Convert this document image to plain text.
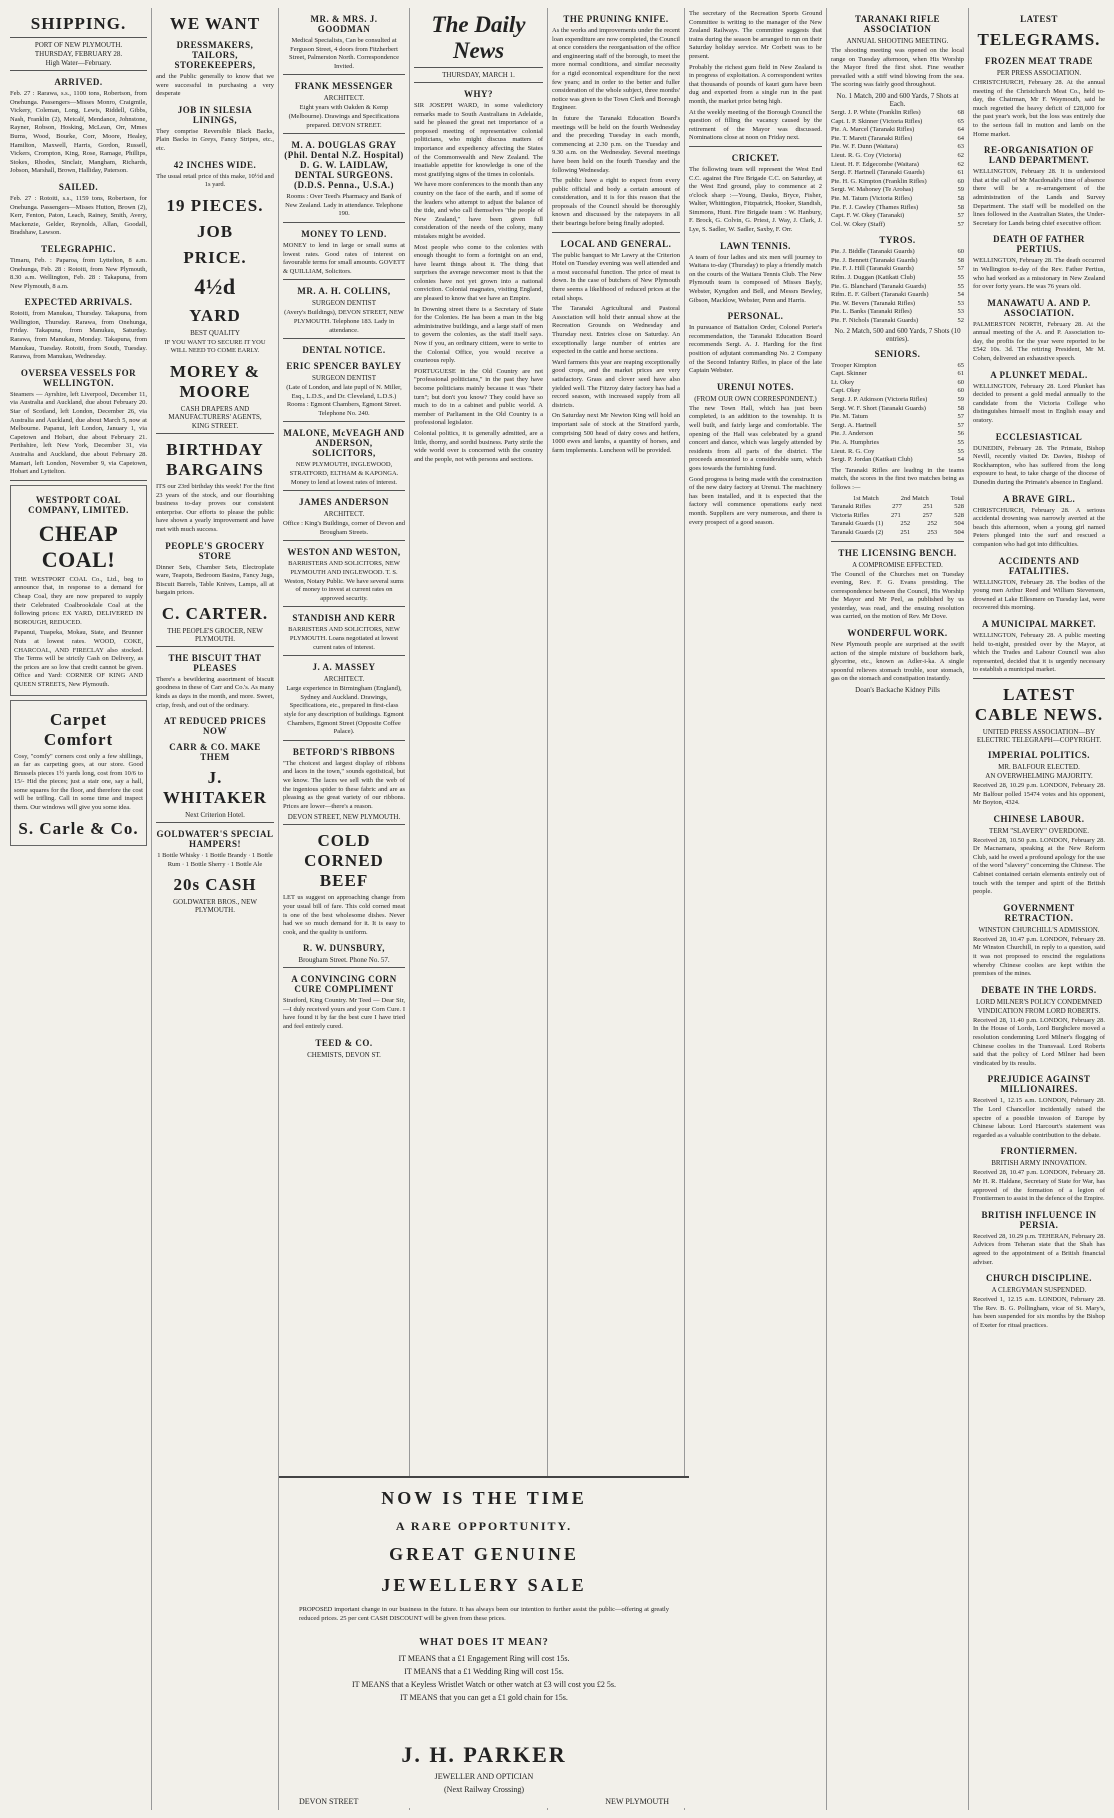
SHIPPING.
PORT OF NEW PLYMOUTH.
THURSDAY, FEBRUARY 28.
High Water—February.
ARRIVED.
Feb. 27 : Rarawa, s.s., 1100 tons, Robertson, from Onehunga. Passengers—Misses Monro, Craigmile, Vickery, Coleman, Long, Lewis, Riddell, Gibbs, Nash, Franklin (2), Metcalf, Mendance, Johnstone, Rayner, Robson, Hosking, McLean, Orr, Mmes Burns, Wood, Bourke, Corr, Moore, Healey, Hamilton, Maxwell, Harris, Gordon, Russell, Vickers, Crompton, King, Rose, Ramage, Phillips, Stokes, Rhodes, Sinclair, Mangham, Richards, Jobson, Marshall, Brown, Halliday, Paterson.
SAILED.
Feb. 27 : Rotoiti, s.s., 1159 tons, Robertson, for Onehunga. Passengers—Misses Hutton, Brown (2), Kerr, Fenton, Paton, Leach, Rainey, Smith, Avery, Mackenzie, Gelder, Reynolds, Allan, Goodall, Bradshaw, Lawson.
TELEGRAPHIC.
Timaru, Feb. : Paparoa, from Lyttelton, 8 a.m. Onehunga, Feb. 28 : Rotoiti, from New Plymouth, 8.30 a.m. Wellington, Feb. 28 : Takapuna, from New Plymouth, 8 a.m.
EXPECTED ARRIVALS.
Rotoiti, from Manukau, Thursday. Takapuna, from Wellington, Thursday. Rarawa, from Onehunga, Friday. Takapuna, from Manukau, Saturday. Rarawa, from Manukau, Monday. Takapuna, from Manukau, Tuesday. Rotoiti, from South, Tuesday. Rarawa, from Manukau, Wednesday.
OVERSEA VESSELS FOR WELLINGTON.
Steamers — Ayrshire, left Liverpool, December 11, via Australia and Auckland, due about February 20. Star of Scotland, left London, December 26, via Australia and Auckland, due about March 5, now at Melbourne. Papanui, left London, January 1, via Capetown and Hobart, due about February 21. Perthshire, left New York, December 31, via Australia and Auckland, due about February 28. Mamari, left London, November 9, via Capetown, Hobart and Lyttelton.
WESTPORT COAL COMPANY, LIMITED.
CHEAP COAL!
THE WESTPORT COAL Co., Ltd., beg to announce that, in response to a demand for Cheap Coal, they are now prepared to supply their Celebrated Coalbrookdale Coal at the following prices: EX YARD, DELIVERED IN BOROUGH, REDUCED.
Papanui, Tuapeka, Mokau, State, and Brunner Nuts at lowest rates. WOOD, COKE, CHARCOAL, AND FIRECLAY also stocked. The Terms will be strictly Cash on Delivery, as the prices are so low that credit cannot be given. Office and Yard: CORNER OF KING AND QUEEN STREETS, New Plymouth.
Carpet Comfort
Cosy, "comfy" corners cost only a few shillings, as far as carpeting goes, at our store. Good Brussels pieces 1½ yards long, cost from 10/6 to 15/- Hid the pieces; just a stair one, say a hall, some squares for the floor, and therefore the cost will be trifling. Call in some time and inspect them. Our windows will give you some idea.
S. Carle & Co.
WE WANT
DRESSMAKERS, TAILORS, STOREKEEPERS,
and the Public generally to know that we were successful in purchasing a very desperate
JOB IN SILESIA LININGS,
They comprise Reversible Black Backs, Plain Backs in Greys, Fancy Stripes, etc., etc.
42 INCHES WIDE.
The usual retail price of this make, 10½d and 1s yard.
19 PIECES.
JOB
PRICE.
4½d
YARD
BEST QUALITY
IF YOU WANT TO SECURE IT YOU WILL NEED TO COME EARLY.
MOREY & MOORE
CASH DRAPERS AND MANUFACTURERS' AGENTS,
KING STREET.
BIRTHDAY BARGAINS
ITS our 23rd birthday this week! For the first 23 years of the stock, and our flourishing business to-day proves our consistent enterprise. Our efforts to please the public have shown a yearly improvement and have met with much success.
PEOPLE'S GROCERY STORE
Dinner Sets, Chamber Sets, Electroplate ware, Teapots, Bedroom Basins, Fancy Jugs, Biscuit Barrels, Table Knives, Lamps, all at bargain prices.
C. CARTER.
THE PEOPLE'S GROCER, NEW PLYMOUTH.
THE BISCUIT THAT PLEASES
There's a bewildering assortment of biscuit goodness in these of Carr and Co.'s. As many kinds as days in the month, and more. Sweet, crisp, fresh, and out of the ordinary.
AT REDUCED PRICES NOW
CARR & CO. MAKE THEM
J. WHITAKER
Next Criterion Hotel.
GOLDWATER'S SPECIAL HAMPERS!
1 Bottle Whisky · 1 Bottle Brandy · 1 Bottle Rum · 1 Bottle Sherry · 1 Bottle Ale
20s CASH
GOLDWATER BROS., NEW PLYMOUTH.
MR. & MRS. J. GOODMAN
Medical Specialists, Can be consulted at Ferguson Street, 4 doors from Fitzherbert Street, Palmerston North. Correspondence Invited.
FRANK MESSENGER
ARCHITECT.
Eight years with Oakden & Kemp (Melbourne). Drawings and Specifications prepared. DEVON STREET.
M. A. DOUGLAS GRAY (Phil. Dental N.Z. Hospital) D. G. W. LAIDLAW, DENTAL SURGEONS. (D.D.S. Penna., U.S.A.)
Rooms : Over Teed's Pharmacy and Bank of New Zealand. Lady in attendance. Telephone 190.
MONEY TO LEND.
MONEY to lend in large or small sums at lowest rates. Good rates of interest on favourable terms for small amounts. GOVETT & QUILLIAM, Solicitors.
MR. A. H. COLLINS,
SURGEON DENTIST
(Avery's Buildings), DEVON STREET, NEW PLYMOUTH. Telephone 183. Lady in attendance.
DENTAL NOTICE.
ERIC SPENCER BAYLEY
SURGEON DENTIST
(Late of London, and late pupil of N. Miller, Esq., L.D.S., and Dr. Cleveland, L.D.S.) Rooms : Egmont Chambers, Egmont Street. Telephone No. 240.
MALONE, McVEAGH AND ANDERSON, SOLICITORS,
NEW PLYMOUTH, INGLEWOOD, STRATFORD, ELTHAM & KAPONGA. Money to lend at lowest rates of interest.
JAMES ANDERSON
ARCHITECT.
Office : King's Buildings, corner of Devon and Brougham Streets.
WESTON AND WESTON,
BARRISTERS AND SOLICITORS, NEW PLYMOUTH AND INGLEWOOD. T. S. Weston, Notary Public. We have several sums of money to invest at current rates on approved security.
STANDISH AND KERR
BARRISTERS AND SOLICITORS, NEW PLYMOUTH. Loans negotiated at lowest current rates of interest.
J. A. MASSEY
ARCHITECT.
Large experience in Birmingham (England), Sydney and Auckland. Drawings, Specifications, etc., prepared in first-class style for any description of buildings. Egmont Chambers, Egmont Street (Opposite Coffee Palace).
BETFORD'S RIBBONS
"The choicest and largest display of ribbons and laces in the town," sounds egotistical, but we know. The laces we sell with the web of the ingenious spider to these fabric and are as pleasing as the great variety of our ribbons. Prices are lower—there's a reason.
DEVON STREET, NEW PLYMOUTH.
COLD CORNED BEEF
LET us suggest on approaching change from your usual bill of fare. This cold corned meat is one of the best wholesome dishes. Never had we so much demand for it. It is easy to cook, and the quality is uniform.
R. W. DUNSBURY,
Brougham Street. Phone No. 57.
A CONVINCING CORN CURE COMPLIMENT
Stratford, King Country. Mr Teed — Dear Sir,—I duly received yours and your Corn Cure. I have found it by far the best cure I have tried and feel entirely cured.
TEED & CO.
CHEMISTS, DEVON ST.
The Daily News
THURSDAY, MARCH 1.
WHY?
SIR JOSEPH WARD, in some valedictory remarks made to South Australians in Adelaide, said he pleased the great net importance of a proposed meeting of representative colonial politicians, who might discuss matters of importance and expediency affecting the States of the Commonwealth and New Zealand. The insatiable appetite for knowledge is one of the most gratifying signs of the times in colonials.
We have more conferences to the month than any country on the face of the earth, and if some of the leaders who attempt to adjust the balance of the tide, and who call themselves "the people of New Zealand," have been given full consideration of the needs of the colony, many mistakes might be avoided.
Most people who come to the colonies with enough thought to form a fortnight on an end, have learnt things about it. The thing that surprises the average newcomer most is that the colonies have not yet grown into a national conviction. Colonial magnates, visiting England, are pleased to know that we have an Empire.
In Downing street there is a Secretary of State for the Colonies. He has been a man in the big administrative buildings, and a large staff of men to govern the colonies, as the staff itself says. Now if you, an ordinary citizen, were to write to the Colonial Office, you would receive a courteous reply.
PORTUGUESE in the Old Country are not "professional politicians," in the past they have become politicians mainly because it was "their turn"; but don't you know? They could have so much to do in a cabinet and public world. A member of Parliament in the Old Country is a professional legislator.
Colonial politics, it is generally admitted, are a little, thorny, and sordid business. Party strife the wide world over is concerned with the country and the people, not with persons and sections.
THE PRUNING KNIFE.
As the works and improvements under the recent loan expenditure are now completed, the Council at once considers the reorganisation of the office and engineering staff of the borough, to meet the more normal conditions, and similar necessity for a rigid economical expenditure for the next few years; and in order to the better and fuller consideration of the whole subject, three months' notice was given to the Town Clerk and Borough Engineer.
In future the Taranaki Education Board's meetings will be held on the fourth Wednesday and the preceding Tuesday in each month, commencing at 2.30 p.m. on the Tuesday and 9.30 a.m. on the Wednesday. Several meetings have been held on the fourth Tuesday and the following Wednesday.
The public have a right to expect from every public official and body a certain amount of consideration, and it is for this reason that the proposals of the Council should be thoroughly known and discussed by the ratepayers in all their bearings before being finally adopted.
LOCAL AND GENERAL.
The public banquet to Mr Lawry at the Criterion Hotel on Tuesday evening was well attended and a most successful function. The price of meat is down. In the case of butchers of New Plymouth there seems a likelihood of reduced prices at the retail shops.
The Taranaki Agricultural and Pastoral Association will hold their annual show at the Recreation Grounds on Wednesday and Thursday next. Entries close on Saturday. An exceptionally large number of entries are expected in the cattle and horse sections.
Ward farmers this year are reaping exceptionally good crops, and the market prices are very satisfactory. Grass and clover seed have also yielded well. The Fitzroy dairy factory has had a record season, with increased supply from all districts.
On Saturday next Mr Newton King will hold an important sale of stock at the Stratford yards, comprising 500 head of dairy cows and heifers, 1000 ewes and lambs, a quantity of horses, and farm implements. Luncheon will be provided.
The secretary of the Recreation Sports Ground Committee is writing to the manager of the New Zealand Railways. The committee suggests that trains during the season be arranged to run on their Saturday holiday service. Mr Corbett was to be present.
Probably the richest gum field in New Zealand is in progress of exploitation. A correspondent writes that thousands of pounds of kauri gum have been dug and exported from a single run in the past month, the market price being high.
At the weekly meeting of the Borough Council the question of filling the vacancy caused by the retirement of the Mayor was discussed. Nominations close at noon on Friday next.
CRICKET.
The following team will represent the West End C.C. against the Fire Brigade C.C. on Saturday, at the West End ground, play to commence at 2 o'clock sharp :—Young, Dauks, Bryce, Fisher, Walter, Whittington, Fitzpatrick, Hooker, Standish, Simmons, Hunt. Fire Brigade team : W. Hanbury, F. Brock, G. Colvin, G. Priest, J. Way, J. Clark, J. Lye, S. Sadler, W. Sadler, Saxby, F. Orr.
LAWN TENNIS.
A team of four ladies and six men will journey to Waitara to-day (Thursday) to play a friendly match on the courts of the Waitara Tennis Club. The New Plymouth team is composed of Misses Bayly, Webster, Kyngdon and Bell, and Messrs Bewley, Gibson, Macklow, Webster, Penn and Harris.
PERSONAL.
In pursuance of Battalion Order, Colonel Porter's recommendation, the Taranaki Education Board recommends Sergt. A. J. Harding for the first position of adjutant commanding No. 2 Company of the Second Infantry Rifles, in place of the late Captain Webster.
URENUI NOTES.
(FROM OUR OWN CORRESPONDENT.)
The new Town Hall, which has just been completed, is an addition to the township. It is well built, and fairly large and comfortable. The opening of the Hall was celebrated by a grand concert and dance, which was largely attended by residents from all parts of the district. The proceeds amounted to a considerable sum, which goes towards the furnishing fund.
Good progress is being made with the construction of the new dairy factory at Urenui. The machinery has been installed, and it is expected that the factory will commence operations early next month. Suppliers are very numerous, and there is every prospect of a good season.
TARANAKI RIFLE ASSOCIATION
ANNUAL SHOOTING MEETING.
The shooting meeting was opened on the local range on Tuesday afternoon, when His Worship the Mayor fired the first shot. Fine weather prevailed with a stiff wind blowing from the sea. The scoring was fairly good throughout.
No. 1 Match, 200 and 600 Yards, 7 Shots at Each.
Sergt. J. P. White (Franklin Rifles)	68
Capt. I. P. Skinner (Victoria Rifles)	65
Pte. A. Marcel (Taranaki Rifles)	64
Pte. T. Marett (Taranaki Rifles)	64
Pte. W. F. Dunn (Waitara)	63
Lieut. R. G. Coy (Victoria)	62
Lieut. H. F. Edgecombe (Waitara)	62
Sergt. F. Hartnell (Taranaki Guards)	61
Pte. H. G. Kimpton (Franklin Rifles)	60
Sergt. W. Mahoney (Te Arohas)	59
Pte. M. Tatum (Victoria Rifles)	58
Pte. F. J. Cawley (Thames Rifles)	58
Capt. F. W. Okey (Taranaki)	57
Col. W. Okey (Staff)	57
TYROS.
Pte. J. Biddle (Taranaki Guards)	60
Pte. J. Bennett (Taranaki Guards)	58
Pte. F. J. Hill (Taranaki Guards)	57
Rifm. J. Duggan (Katikati Club)	55
Pte. G. Blanchard (Taranaki Guards)	55
Rifm. E. F. Gilbert (Taranaki Guards)	54
Pte. W. Bevers (Taranaki Rifles)	53
Pte. L. Banks (Taranaki Rifles)	53
Pte. F. Nichols (Taranaki Guards)	52
No. 2 Match, 500 and 600 Yards, 7 Shots (10 entries).
SENIORS.
Trooper Kimpton	65
Capt. Skinner	61
Lt. Okey	60
Capt. Okey	60
Sergt. J. P. Atkinson (Victoria Rifles)	59
Sergt. W. F. Short (Taranaki Guards)	58
Pte. M. Tatum	57
Sergt. A. Hartnell	57
Pte. J. Anderson	56
Pte. A. Humphries	55
Lieut. R. G. Coy	55
Sergt. P. Jordan (Katikati Club)	54
The Taranaki Rifles are leading in the teams match, the scores in the first two matches being as follows :—
1st Match	2nd Match	Total
Taranaki Rifles	277	251	528
Victoria Rifles	271	257	528
Taranaki Guards (1)	252	252	504
Taranaki Guards (2)	251	253	504
THE LICENSING BENCH.
A COMPROMISE EFFECTED.
The Council of the Churches met on Tuesday evening, Rev. F. G. Evans presiding. The correspondence between the Council, His Worship the Mayor and Mr Peel, as published by us yesterday, was read, and the ensuing resolution was carried, on the motion of Rev. Mr Dove.
WONDERFUL WORK.
New Plymouth people are surprised at the swift action of the simple mixture of buckthorn bark, glycerine, etc., known as Adler-i-ka. A single spoonful relieves stomach trouble, sour stomach, gas on the stomach and constipation instantly.
Doan's Backache Kidney Pills
LATEST
TELEGRAMS.
FROZEN MEAT TRADE
PER PRESS ASSOCIATION.
CHRISTCHURCH, February 28. At the annual meeting of the Christchurch Meat Co., held to-day, the Chairman, Mr F. Waymouth, said he much regretted the heavy deficit of £28,000 for the past year's work, but the loss was entirely due to the serious fall in mutton and lamb on the Home market.
RE-ORGANISATION OF LAND DEPARTMENT.
WELLINGTON, February 28. It is understood that at the call of Mr Macdonald's time of absence there will be a re-arrangement of the administration of the Lands and Survey Department. The staff will be modelled on the lines followed in the Australian States, the Under-Secretary for Lands being chief executive officer.
DEATH OF FATHER PERTIUS.
WELLINGTON, February 28. The death occurred in Wellington to-day of the Rev. Father Pertius, who had worked as a missionary in New Zealand for over forty years. He was 76 years old.
MANAWATU A. AND P. ASSOCIATION.
PALMERSTON NORTH, February 28. At the annual meeting of the A. and P. Association to-day, the profits for the year were reported to be £542 10s. 3d. The retiring President, Mr M. Cohen, delivered an exhaustive speech.
A PLUNKET MEDAL.
WELLINGTON, February 28. Lord Plunket has decided to present a gold medal annually to the candidate from the Victoria College who distinguishes himself most in English essay and oratory.
ECCLESIASTICAL
DUNEDIN, February 28. The Primate, Bishop Nevill, recently visited Dr. Davies, Bishop of Rockhampton, who has suffered from the long exposure to heat, to take charge of the diocese of Dunedin during the Primate's absence in England.
A BRAVE GIRL.
CHRISTCHURCH, February 28. A serious accidental drowning was narrowly averted at the beach this afternoon, when a young girl named Peters plunged into the surf and rescued a companion who had got into difficulties.
ACCIDENTS AND FATALITIES.
WELLINGTON, February 28. The bodies of the young men Arthur Reed and William Stevenson, drowned at Lake Ellesmere on Tuesday last, were recovered this morning.
A MUNICIPAL MARKET.
WELLINGTON, February 28. A public meeting held to-night, presided over by the Mayor, at which the Trades and Labour Council was also represented, decided that it is urgently necessary to establish a municipal market.
LATEST CABLE NEWS.
UNITED PRESS ASSOCIATION—BY ELECTRIC TELEGRAPH—COPYRIGHT.
IMPERIAL POLITICS.
MR. BALFOUR ELECTED.
AN OVERWHELMING MAJORITY.
Received 28, 10.29 p.m. LONDON, February 28. Mr Balfour polled 15474 votes and his opponent, Mr Boyton, 4324.
CHINESE LABOUR.
TERM "SLAVERY" OVERDONE.
Received 28, 10.50 p.m. LONDON, February 28. Dr Macnamara, speaking at the New Reform Club, said he owed a profound apology for the use of the word "slavery" concerning the Chinese. The Cabinet contained certain elements entirely out of touch with the temper and spirit of the British people.
GOVERNMENT RETRACTION.
WINSTON CHURCHILL'S ADMISSION.
Received 28, 10.47 p.m. LONDON, February 28. Mr Winston Churchill, in reply to a question, said it was not proposed to rescind the regulations whereby Chinese coolies are kept within the premises of the mines.
DEBATE IN THE LORDS.
LORD MILNER'S POLICY CONDEMNED
VINDICATION FROM LORD ROBERTS.
Received 28, 11.40 p.m. LONDON, February 28. In the House of Lords, Lord Burghclere moved a resolution condemning Lord Milner's flogging of Chinese coolies in the Transvaal. Lord Roberts said that the policy of Lord Milner had been vindicated by its results.
PREJUDICE AGAINST MILLIONAIRES.
Received 1, 12.15 a.m. LONDON, February 28. The Lord Chancellor incidentally raised the spectre of a possible invasion of Europe by Chinese labour. Lord Harcourt's statement was regarded as a valuable contribution to the debate.
FRONTIERMEN.
BRITISH ARMY INNOVATION.
Received 28, 10.47 p.m. LONDON, February 28. Mr H. R. Haldane, Secretary of State for War, has approved of the formation of a legion of Frontiermen to assist in the defence of the Empire.
BRITISH INFLUENCE IN PERSIA.
Received 28, 10.29 p.m. TEHERAN, February 28. Advices from Teheran state that the Shah has agreed to the appointment of a British financial adviser.
CHURCH DISCIPLINE.
A CLERGYMAN SUSPENDED.
Received 1, 12.15 a.m. LONDON, February 28. The Rev. B. G. Pollingham, vicar of St. Mary's, has been suspended for six months by the Bishop of Exeter for ritual practices.
NOW IS THE TIME
A RARE OPPORTUNITY.
GREAT GENUINE
JEWELLERY SALE
PROPOSED important change in our business in the future. It has always been our intention to further assist the public—offering at greatly reduced prices. 25 per cent CASH DISCOUNT will be given from these prices.
WHAT DOES IT MEAN?
IT MEANS that a £1 Engagement Ring will cost 15s.
IT MEANS that a £1 Wedding Ring will cost 15s.
IT MEANS that a Keyless Wristlet Watch or other watch at £3 will cost you £2 5s.
IT MEANS that you can get a £1 gold chain for 15s.
J. H. PARKER
JEWELLER AND OPTICIAN
(Next Railway Crossing)
DEVON STREET	NEW PLYMOUTH
